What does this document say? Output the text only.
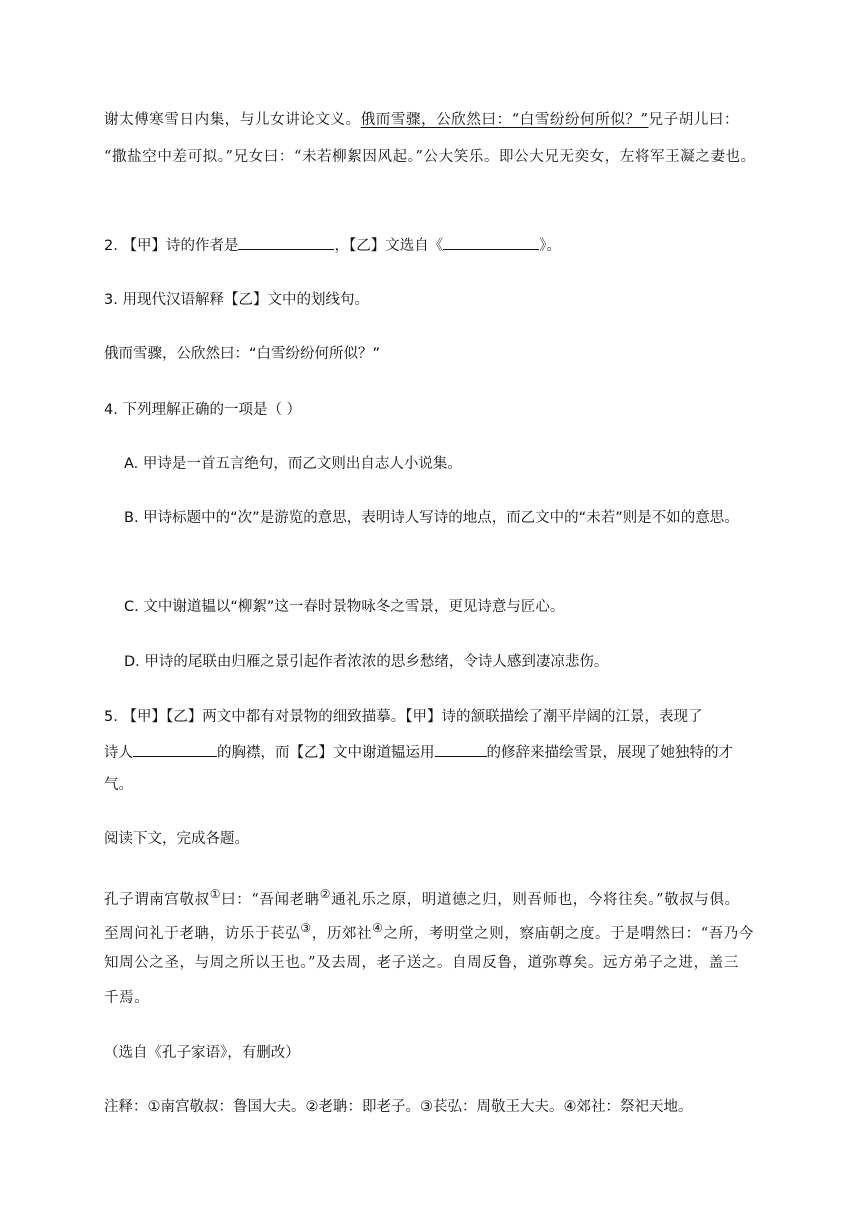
谢太傅寒雪日内集，与儿女讲论文义。俄而雪骤，公欣然曰：“白雪纷纷何所似？”兄子胡儿曰：
“撒盐空中差可拟。”兄女曰：“未若柳絮因风起。”公大笑乐。即公大兄无奕女，左将军王凝之妻也。
2. 【甲】诗的作者是	，【乙】文选自《	》。
3. 用现代汉语解释【乙】文中的划线句。
俄而雪骤，公欣然曰：“白雪纷纷何所似？”
4. 下列理解正确的一项是（ ）
A. 甲诗是一首五言绝句，而乙文则出自志人小说集。
B. 甲诗标题中的“次”是游览的意思，表明诗人写诗的地点，而乙文中的“未若”则是不如的意思。
C. 文中谢道韫以“柳絮”这一春时景物咏冬之雪景，更见诗意与匠心。
D. 甲诗的尾联由归雁之景引起作者浓浓的思乡愁绪，令诗人感到凄凉悲伤。
5. 【甲】【乙】两文中都有对景物的细致描摹。【甲】诗的颔联描绘了潮平岸阔的江景，表现了
诗人	的胸襟，而【乙】文中谢道韫运用	的修辞来描绘雪景，展现了她独特的才
气。
阅读下文，完成各题。
孔子谓南宫敬叔①曰：“吾闻老聃②通礼乐之原，明道德之归，则吾师也，今将往矣。”敬叔与俱。
至周问礼于老聃，访乐于苌弘③，历郊社④之所，考明堂之则，察庙朝之度。于是喟然曰：“吾乃今
知周公之圣，与周之所以王也。”及去周，老子送之。自周反鲁，道弥尊矣。远方弟子之进，盖三
千焉。
（选自《孔子家语》，有删改）
注释：①南宫敬叔：鲁国大夫。②老聃：即老子。③苌弘：周敬王大夫。④郊社：祭祀天地。
